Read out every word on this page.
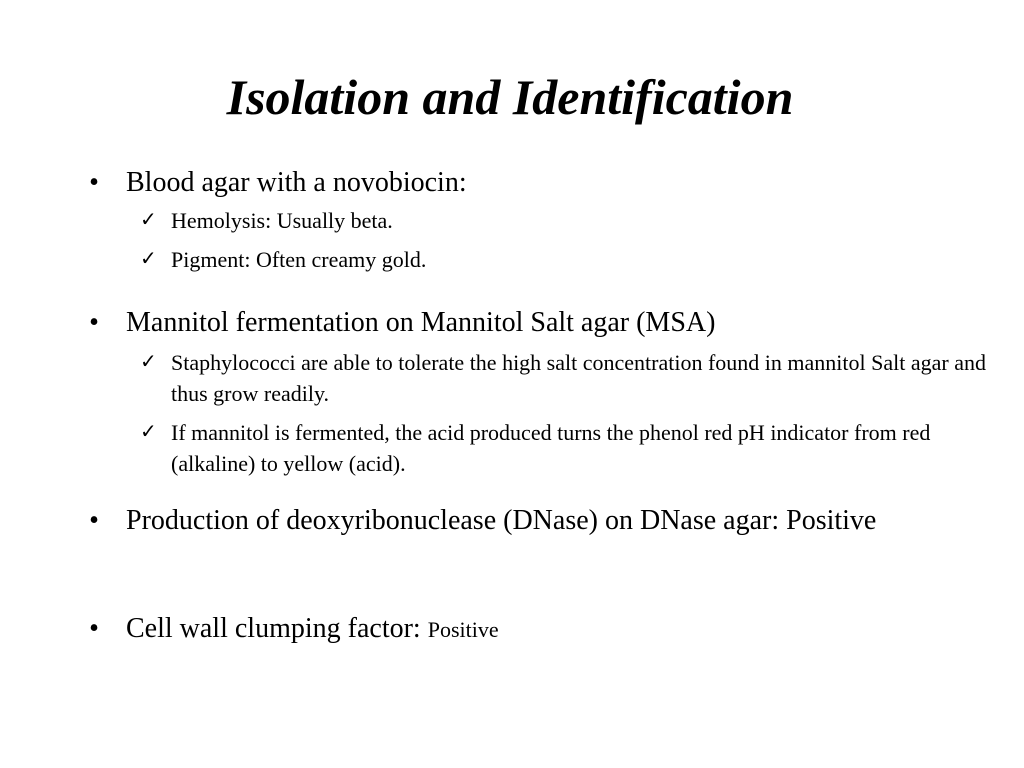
Isolation and Identification
• Blood agar with a novobiocin:
✓ Hemolysis: Usually beta.
✓ Pigment: Often creamy gold.
• Mannitol fermentation on Mannitol Salt agar (MSA)
✓ Staphylococci are able to tolerate the high salt concentration found in mannitol Salt agar and thus grow readily.
✓ If mannitol is fermented, the acid produced turns the phenol red pH indicator from red (alkaline) to yellow (acid).
• Production of deoxyribonuclease (DNase) on DNase agar: Positive
• Cell wall clumping factor: Positive
